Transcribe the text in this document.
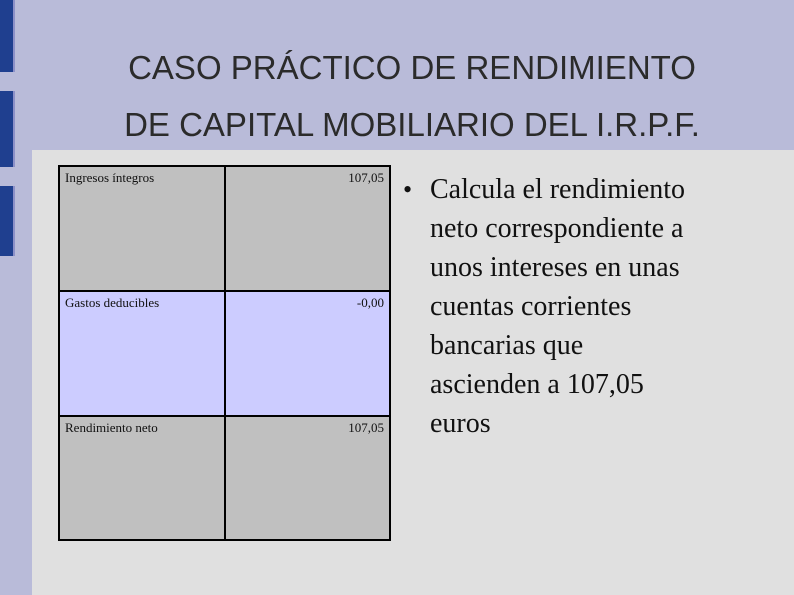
CASO PRÁCTICO DE RENDIMIENTO
DE CAPITAL MOBILIARIO DEL I.R.P.F.
Ingresos íntegros	107,05
Gastos deducibles	-0,00
Rendimiento neto	107,05
• Calcula el rendimiento
neto correspondiente a
unos intereses en unas
cuentas corrientes
bancarias que
ascienden a 107,05
euros
